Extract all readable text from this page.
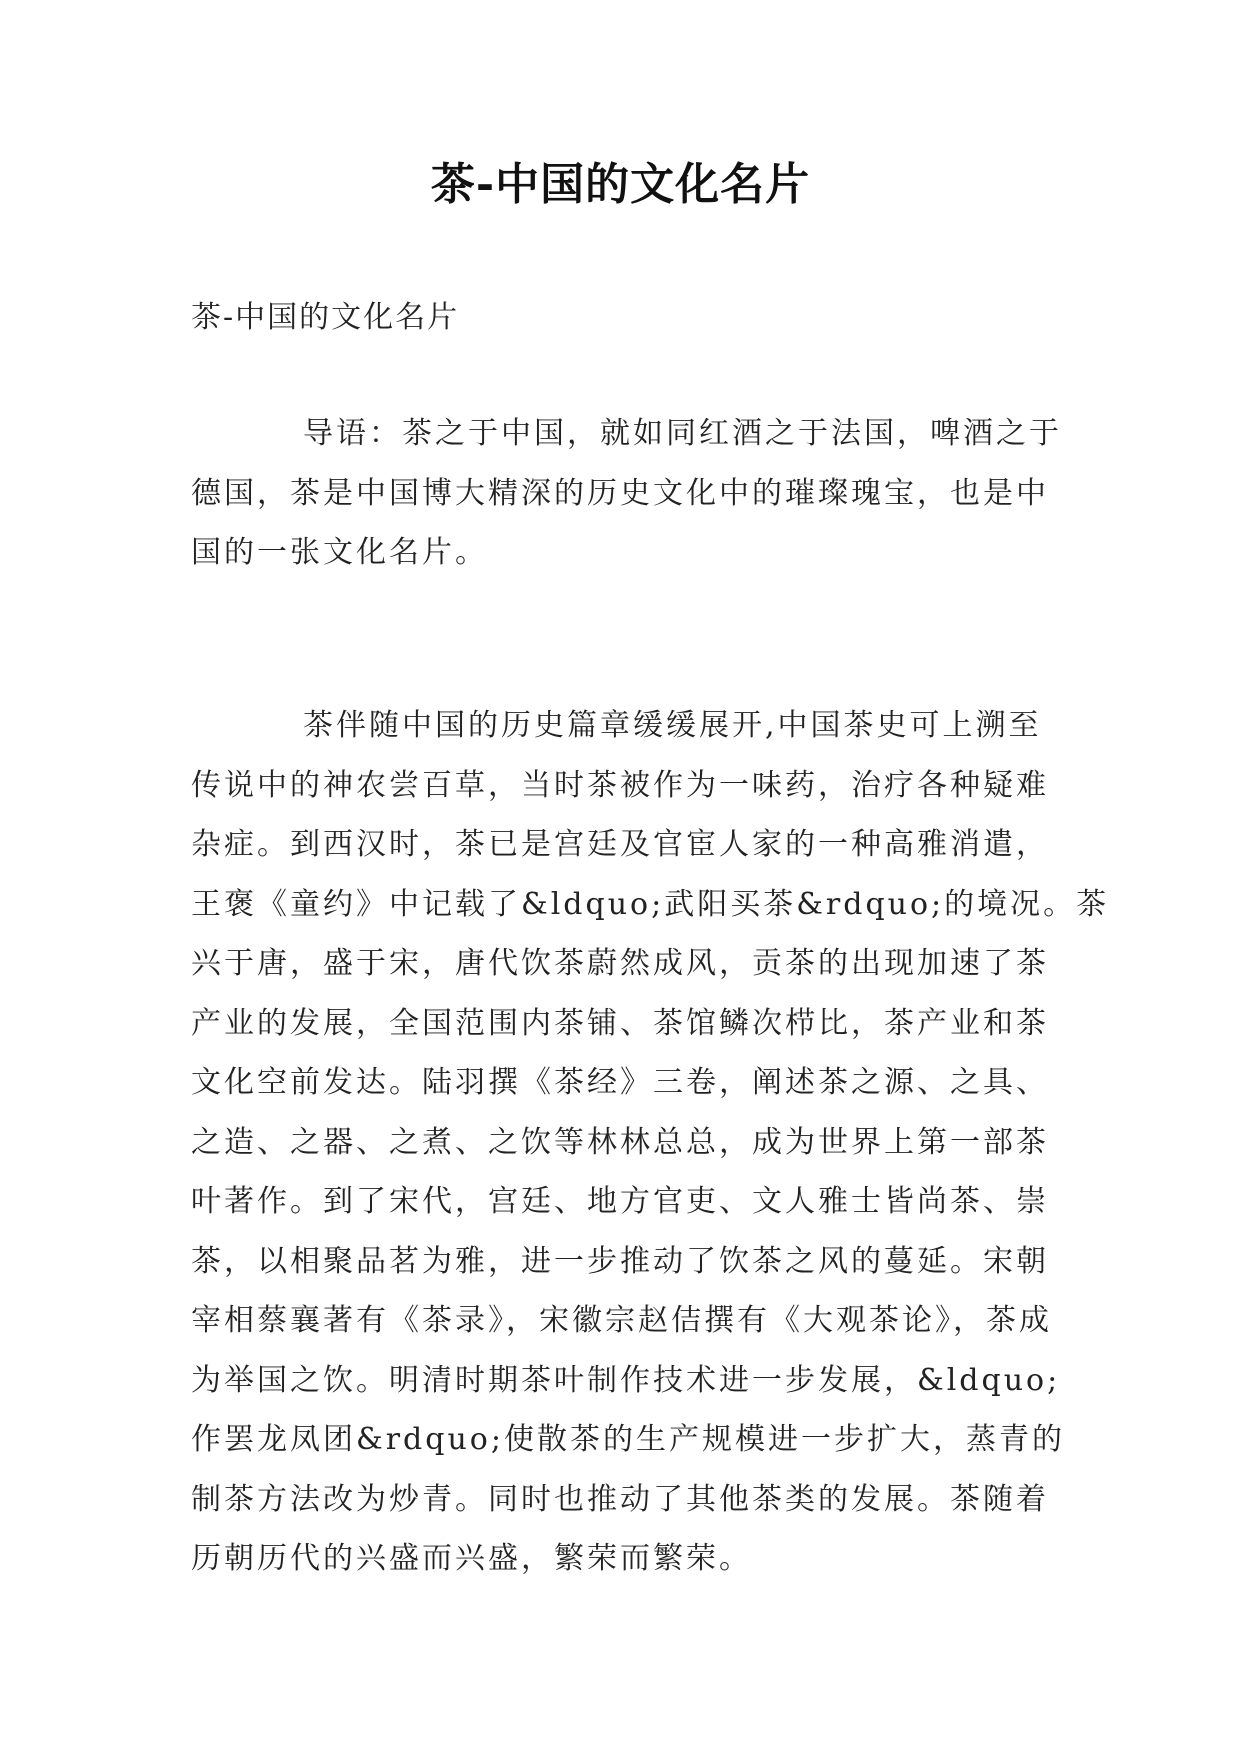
茶-中国的文化名片
茶-中国的文化名片
导语：茶之于中国，就如同红酒之于法国，啤酒之于
德国，茶是中国博大精深的历史文化中的璀璨瑰宝，也是中
国的一张文化名片。
茶伴随中国的历史篇章缓缓展开,中国茶史可上溯至
传说中的神农尝百草，当时茶被作为一味药，治疗各种疑难
杂症。到西汉时，茶已是宫廷及官宦人家的一种高雅消遣，
王褒《童约》中记载了&ldquo;武阳买茶&rdquo;的境况。茶
兴于唐，盛于宋，唐代饮茶蔚然成风，贡茶的出现加速了茶
产业的发展，全国范围内茶铺、茶馆鳞次栉比，茶产业和茶
文化空前发达。陆羽撰《茶经》三卷，阐述茶之源、之具、
之造、之器、之煮、之饮等林林总总，成为世界上第一部茶
叶著作。到了宋代，宫廷、地方官吏、文人雅士皆尚茶、崇
茶，以相聚品茗为雅，进一步推动了饮茶之风的蔓延。宋朝
宰相蔡襄著有《茶录》，宋徽宗赵佶撰有《大观茶论》，茶成
为举国之饮。明清时期茶叶制作技术进一步发展，&ldquo;
作罢龙凤团&rdquo;使散茶的生产规模进一步扩大，蒸青的
制茶方法改为炒青。同时也推动了其他茶类的发展。茶随着
历朝历代的兴盛而兴盛，繁荣而繁荣。
